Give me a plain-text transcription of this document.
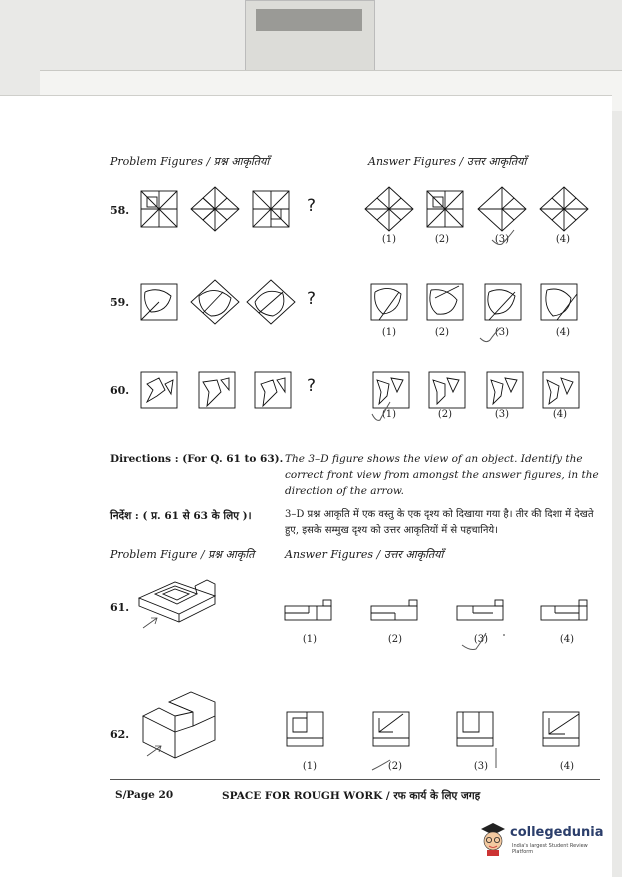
Problem Figures / प्रश्न आकृतियाँ	Answer Figures / उत्तर आकृतियाँ
58.	?
(1)	(2)	(3)	(4)
59.	?
(1)	(2)	(3)	(4)
60.	?
(1)	(2)	(3)	(4)
Directions : (For Q. 61 to 63). The 3–D figure shows the view of an object. Identify the correct front view from amongst the answer figures, in the direction of the arrow.
निर्देश : ( प्र. 61 से 63 के लिए )।	3–D प्रश्न आकृति में एक वस्तु के एक दृश्य को दिखाया गया है। तीर की दिशा में देखते हुए, इसके सम्मुख दृश्य को उत्तर आकृतियों में से पहचानिये।
Problem Figure / प्रश्न आकृति	Answer Figures / उत्तर आकृतियाँ
61.
(1)	(2)	(3)	(4)
62.
(1)	(2)	(3)	(4)
S/Page 20	SPACE FOR ROUGH WORK / रफ कार्य के लिए जगह
collegedunia
India's largest Student Review Platform
